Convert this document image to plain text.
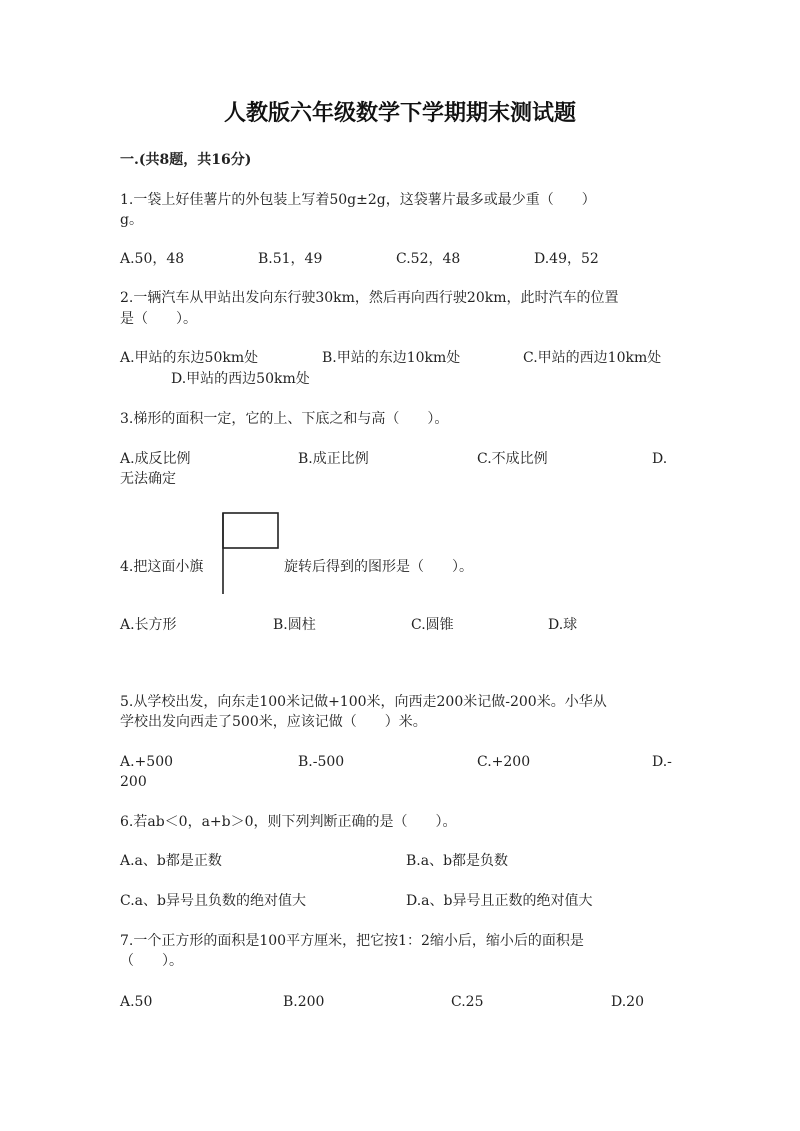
人教版六年级数学下学期期末测试题
一.(共8题，共16分)
1.一袋上好佳薯片的外包装上写着50g±2g，这袋薯片最多或最少重（　　）
g。
A.50，48	B.51，49	C.52，48	D.49，52
2.一辆汽车从甲站出发向东行驶30km，然后再向西行驶20km，此时汽车的位置
是（　　）。
A.甲站的东边50km处	B.甲站的东边10km处	C.甲站的西边10km处
D.甲站的西边50km处
3.梯形的面积一定，它的上、下底之和与高（　　）。
A.成反比例	B.成正比例	C.不成比例	D.
无法确定
4.把这面小旗	旋转后得到的图形是（　　）。
A.长方形	B.圆柱	C.圆锥	D.球
5.从学校出发，向东走100米记做+100米，向西走200米记做-200米。小华从
学校出发向西走了500米，应该记做（　　）米。
A.+500	B.-500	C.+200	D.-
200
6.若ab＜0，a+b＞0，则下列判断正确的是（　　）。
A.a、b都是正数	B.a、b都是负数
C.a、b异号且负数的绝对值大	D.a、b异号且正数的绝对值大
7.一个正方形的面积是100平方厘米，把它按1：2缩小后，缩小后的面积是
（　　）。
A.50	B.200	C.25	D.20
